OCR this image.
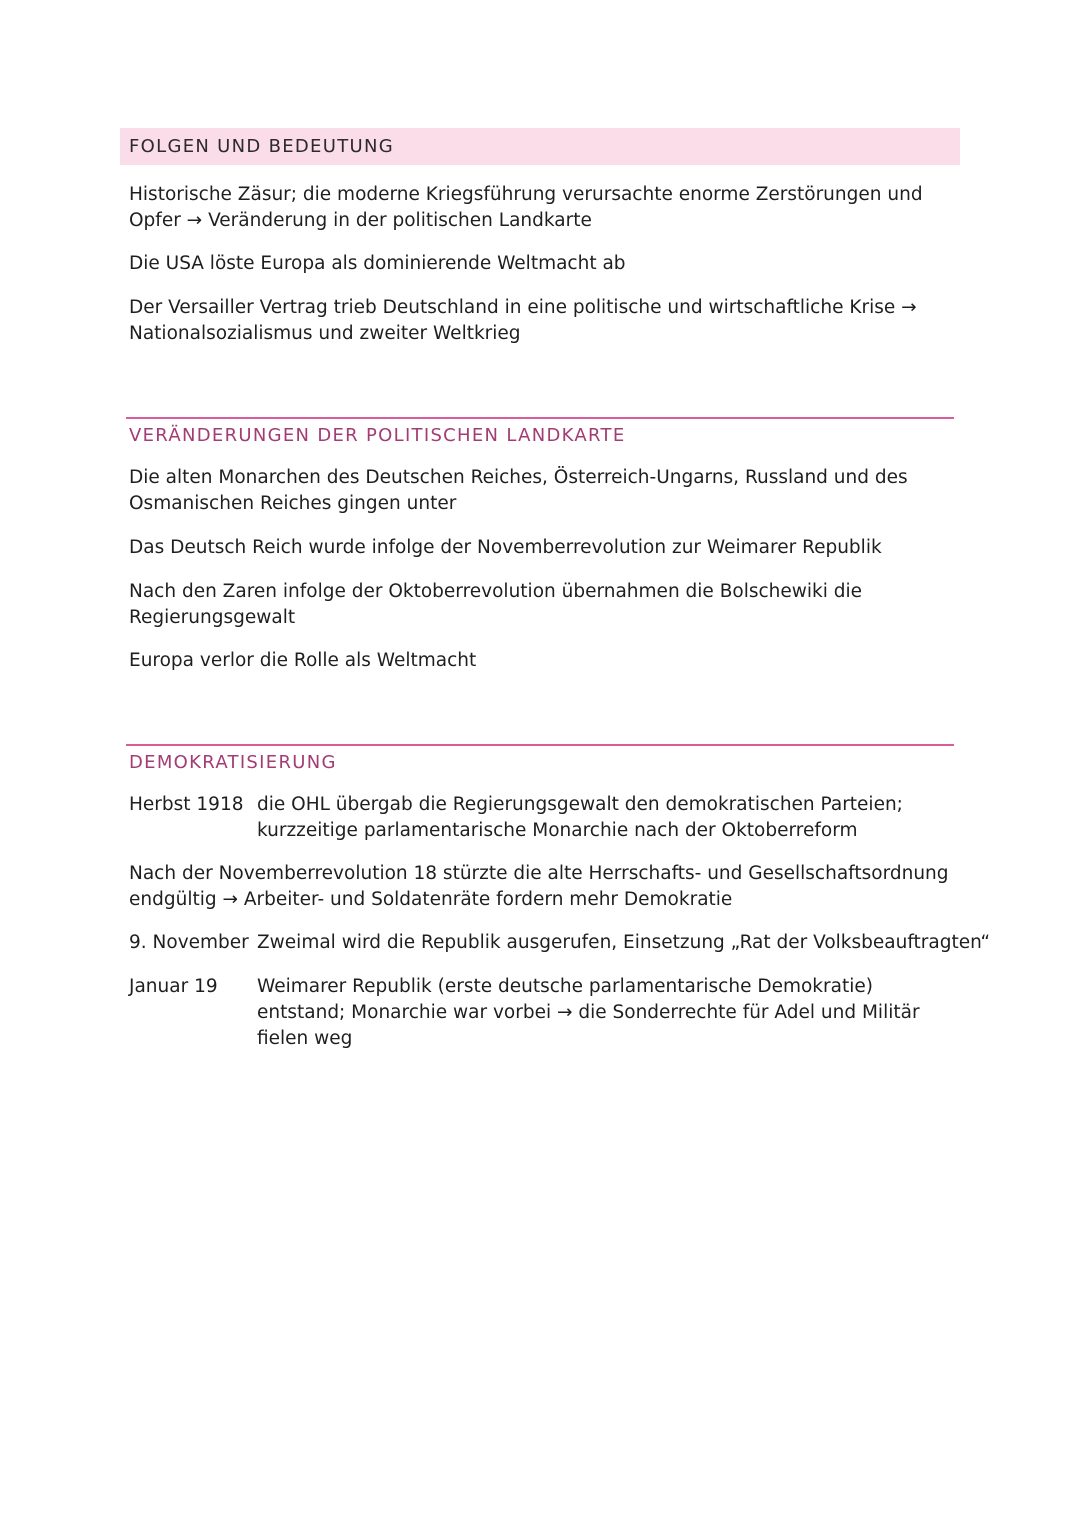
FOLGEN UND BEDEUTUNG
Historische Zäsur; die moderne Kriegsführung verursachte enorme Zerstörungen und Opfer → Veränderung in der politischen Landkarte
Die USA löste Europa als dominierende Weltmacht ab
Der Versailler Vertrag trieb Deutschland in eine politische und wirtschaftliche Krise → Nationalsozialismus und zweiter Weltkrieg
VERÄNDERUNGEN DER POLITISCHEN LANDKARTE
Die alten Monarchen des Deutschen Reiches, Österreich-Ungarns, Russland und des Osmanischen Reiches gingen unter
Das Deutsch Reich wurde infolge der Novemberrevolution zur Weimarer Republik
Nach den Zaren infolge der Oktoberrevolution übernahmen die Bolschewiki die Regierungsgewalt
Europa verlor die Rolle als Weltmacht
DEMOKRATISIERUNG
Herbst 1918 die OHL übergab die Regierungsgewalt den demokratischen Parteien; kurzzeitige parlamentarische Monarchie nach der Oktoberreform
Nach der Novemberrevolution 18 stürzte die alte Herrschafts- und Gesellschaftsordnung endgültig → Arbeiter- und Soldatenräte fordern mehr Demokratie
9. November Zweimal wird die Republik ausgerufen, Einsetzung „Rat der Volksbeauftragten“
Januar 19	Weimarer Republik (erste deutsche parlamentarische Demokratie) entstand; Monarchie war vorbei → die Sonderrechte für Adel und Militär fielen weg
